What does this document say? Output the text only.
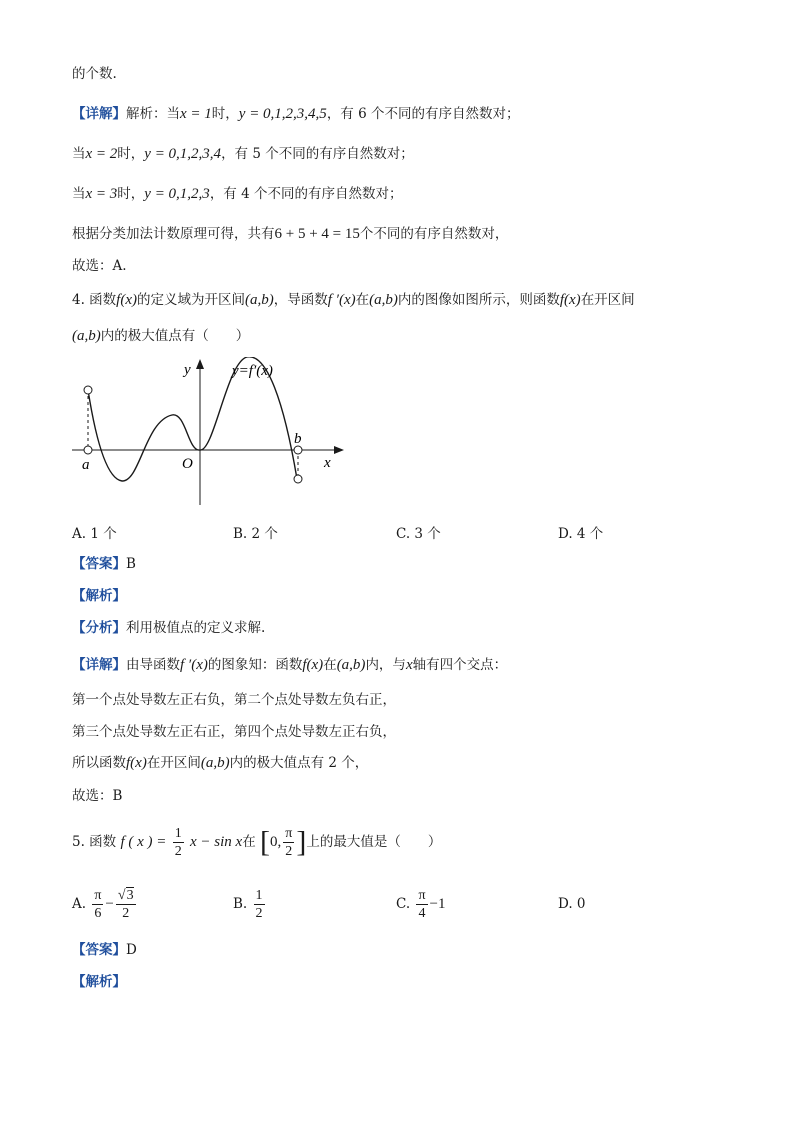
的个数.
【详解】解析：当x = 1时，y = 0,1,2,3,4,5，有 6 个不同的有序自然数对；
当x = 2时，y = 0,1,2,3,4，有 5 个不同的有序自然数对；
当x = 3时，y = 0,1,2,3，有 4 个不同的有序自然数对；
根据分类加法计数原理可得，共有6 + 5 + 4 = 15个不同的有序自然数对，
故选：A.
4. 函数f(x)的定义域为开区间(a,b)，导函数f ′(x)在(a,b)内的图像如图所示，则函数f(x)在开区间
(a,b)内的极大值点有（　　）
y	y=f′(x)
x
O
a
b
A. 1 个	B. 2 个	C. 3 个	D. 4 个
【答案】B
【解析】
【分析】利用极值点的定义求解.
【详解】由导函数f ′(x)的图象知：函数f(x)在(a,b)内，与x轴有四个交点：
第一个点处导数左正右负，第二个点处导数左负右正，
第三个点处导数左正右正，第四个点处导数左正右负，
所以函数f(x)在开区间(a,b)内的极大值点有 2 个，
故选：B
5. 函数 f ( x ) = $\frac{1}{2}$ x − sin x在 [0, $\frac{\pi}{2}$ ]上的最大值是（　　）
A. $\frac{\pi}{6} - \frac{√3}{2}$	B. $\frac{1}{2}$	C. $\frac{\pi}{4} -1$	D. 0
【答案】D
【解析】
